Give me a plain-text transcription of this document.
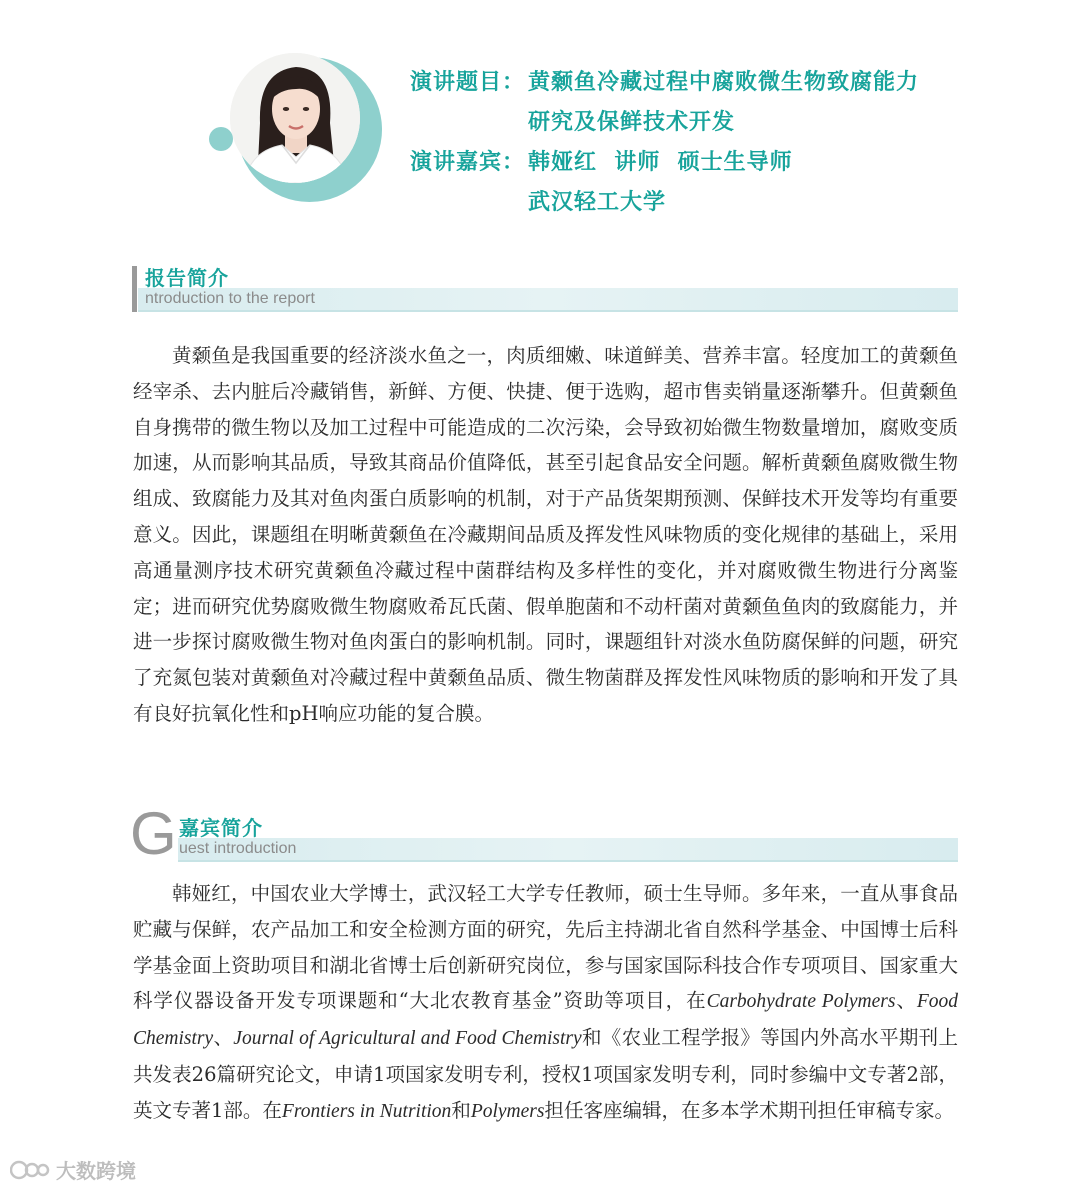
演讲题目： 黄颡鱼冷藏过程中腐败微生物致腐能力
研究及保鲜技术开发
演讲嘉宾： 韩娅红  讲师  硕士生导师
武汉轻工大学
报告简介
ntroduction to the report
黄颡鱼是我国重要的经济淡水鱼之一，肉质细嫩、味道鲜美、营养丰富。轻度加工的黄颡鱼经宰杀、去内脏后冷藏销售，新鲜、方便、快捷、便于选购，超市售卖销量逐渐攀升。但黄颡鱼自身携带的微生物以及加工过程中可能造成的二次污染，会导致初始微生物数量增加，腐败变质加速，从而影响其品质，导致其商品价值降低，甚至引起食品安全问题。解析黄颡鱼腐败微生物组成、致腐能力及其对鱼肉蛋白质影响的机制，对于产品货架期预测、保鲜技术开发等均有重要意义。因此，课题组在明晰黄颡鱼在冷藏期间品质及挥发性风味物质的变化规律的基础上，采用高通量测序技术研究黄颡鱼冷藏过程中菌群结构及多样性的变化，并对腐败微生物进行分离鉴定；进而研究优势腐败微生物腐败希瓦氏菌、假单胞菌和不动杆菌对黄颡鱼鱼肉的致腐能力，并进一步探讨腐败微生物对鱼肉蛋白的影响机制。同时，课题组针对淡水鱼防腐保鲜的问题，研究了充氮包装对黄颡鱼对冷藏过程中黄颡鱼品质、微生物菌群及挥发性风味物质的影响和开发了具有良好抗氧化性和pH响应功能的复合膜。
G 嘉宾简介
uest introduction
韩娅红，中国农业大学博士，武汉轻工大学专任教师，硕士生导师。多年来，一直从事食品贮藏与保鲜，农产品加工和安全检测方面的研究，先后主持湖北省自然科学基金、中国博士后科学基金面上资助项目和湖北省博士后创新研究岗位，参与国家国际科技合作专项项目、国家重大科学仪器设备开发专项课题和“大北农教育基金”资助等项目，在Carbohydrate Polymers、Food Chemistry、Journal of Agricultural and Food Chemistry和《农业工程学报》等国内外高水平期刊上共发表26篇研究论文，申请1项国家发明专利，授权1项国家发明专利，同时参编中文专著2部，英文专著1部。在Frontiers in Nutrition和Polymers担任客座编辑，在多本学术期刊担任审稿专家。
大数跨境
